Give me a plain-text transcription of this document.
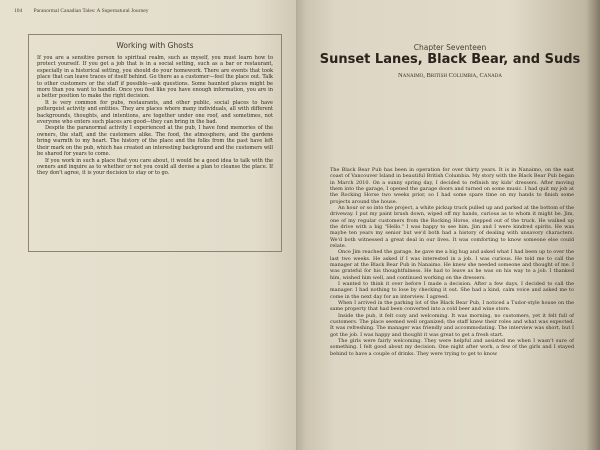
104 Paranormal Canadian Tales: A Supernatural Journey
Working with Ghosts

If you are a sensitive person to spiritual realm, such as myself, you must learn how to protect yourself. If you get a job that is in a social setting, such as a bar or restaurant, especially in a historical setting, you should do your homework. There are events that took place that can leave traces of itself behind. Go there as a customer—feel the place out. Talk to other customers or the staff if possible—ask questions. Some haunted places might be more than you want to handle. Once you feel like you have enough information, you are in a better position to make the right decision.

It is very common for pubs, restaurants, and other public, social places to have poltergeist activity and entities. They are places where many individuals, all with different backgrounds, thoughts, and intentions, are together under one roof, and sometimes, not everyone who enters such places are good—they can bring in the bad.

Despite the paranormal activity I experienced at the pub, I have fond memories of the owners, the staff, and the customers alike. The food, the atmosphere, and the gardens bring warmth to my heart. The history of the place and the folks from the past have left their mark on the pub, which has created an interesting background and the customers will be shared for years to come.

If you work in such a place that you care about, it would be a good idea to talk with the owners and inquire as to whether or not you could all devise a plan to cleanse the place. If they don't agree, it is your decision to stay or to go.

Chapter Seventeen
Sunset Lanes, Black Bear, and Suds
Nanaimo, British Columbia, Canada

The Black Bear Pub has been in operation for over thirty years. It is in Nanaimo, on the east coast of Vancouver Island in beautiful British Columbia. My story with the Black Bear Pub began in March 2010. On a sunny spring day, I decided to refinish my kids' dressers. After moving them into the garage, I opened the garage doors and turned on some music. I had quit my job at the Rocking Horse two weeks prior, so I had some spare time on my hands to finish some projects around the house.

An hour or so into the project, a white pickup truck pulled up and parked at the bottom of the driveway. I put my paint brush down, wiped off my hands, curious as to whom it might be. Jim, one of my regular customers from the Rocking Horse, stepped out of the truck. He walked up the drive with a big "Hello." I was happy to see him. Jim and I were kindred spirits. He was maybe ten years my senior but we'd both had a history of dealing with unsavory characters. We'd both witnessed a great deal in our lives. It was comforting to know someone else could relate.

Once Jim reached the garage, he gave me a big hug and asked what I had been up to over the last two weeks. He asked if I was interested in a job. I was curious. He told me to call the manager at the Black Bear Pub in Nanaimo. He knew she needed someone and thought of me. I was grateful for his thoughtfulness. He had to leave as he was on his way to a job. I thanked him, wished him well, and continued working on the dressers.

I wanted to think it over before I made a decision. After a few days, I decided to call the manager. I had nothing to lose by checking it out. She had a kind, calm voice and asked me to come in the next day for an interview. I agreed.

When I arrived in the parking lot of the Black Bear Pub, I noticed a Tudor-style house on the same property that had been converted into a cold beer and wine store.

Inside the pub, it felt cozy and welcoming. It was morning, no customers, yet it felt full of customers. The place seemed well organized; the staff knew their roles and what was expected. It was refreshing. The manager was friendly and accommodating. The interview was short, but I got the job. I was happy and thought it was great to get a fresh start.

The girls were fairly welcoming. They were helpful and assisted me when I wasn't sure of something. I felt good about my decision. One night after work, a few of the girls and I stayed behind to have a couple of drinks. They were trying to get to know
